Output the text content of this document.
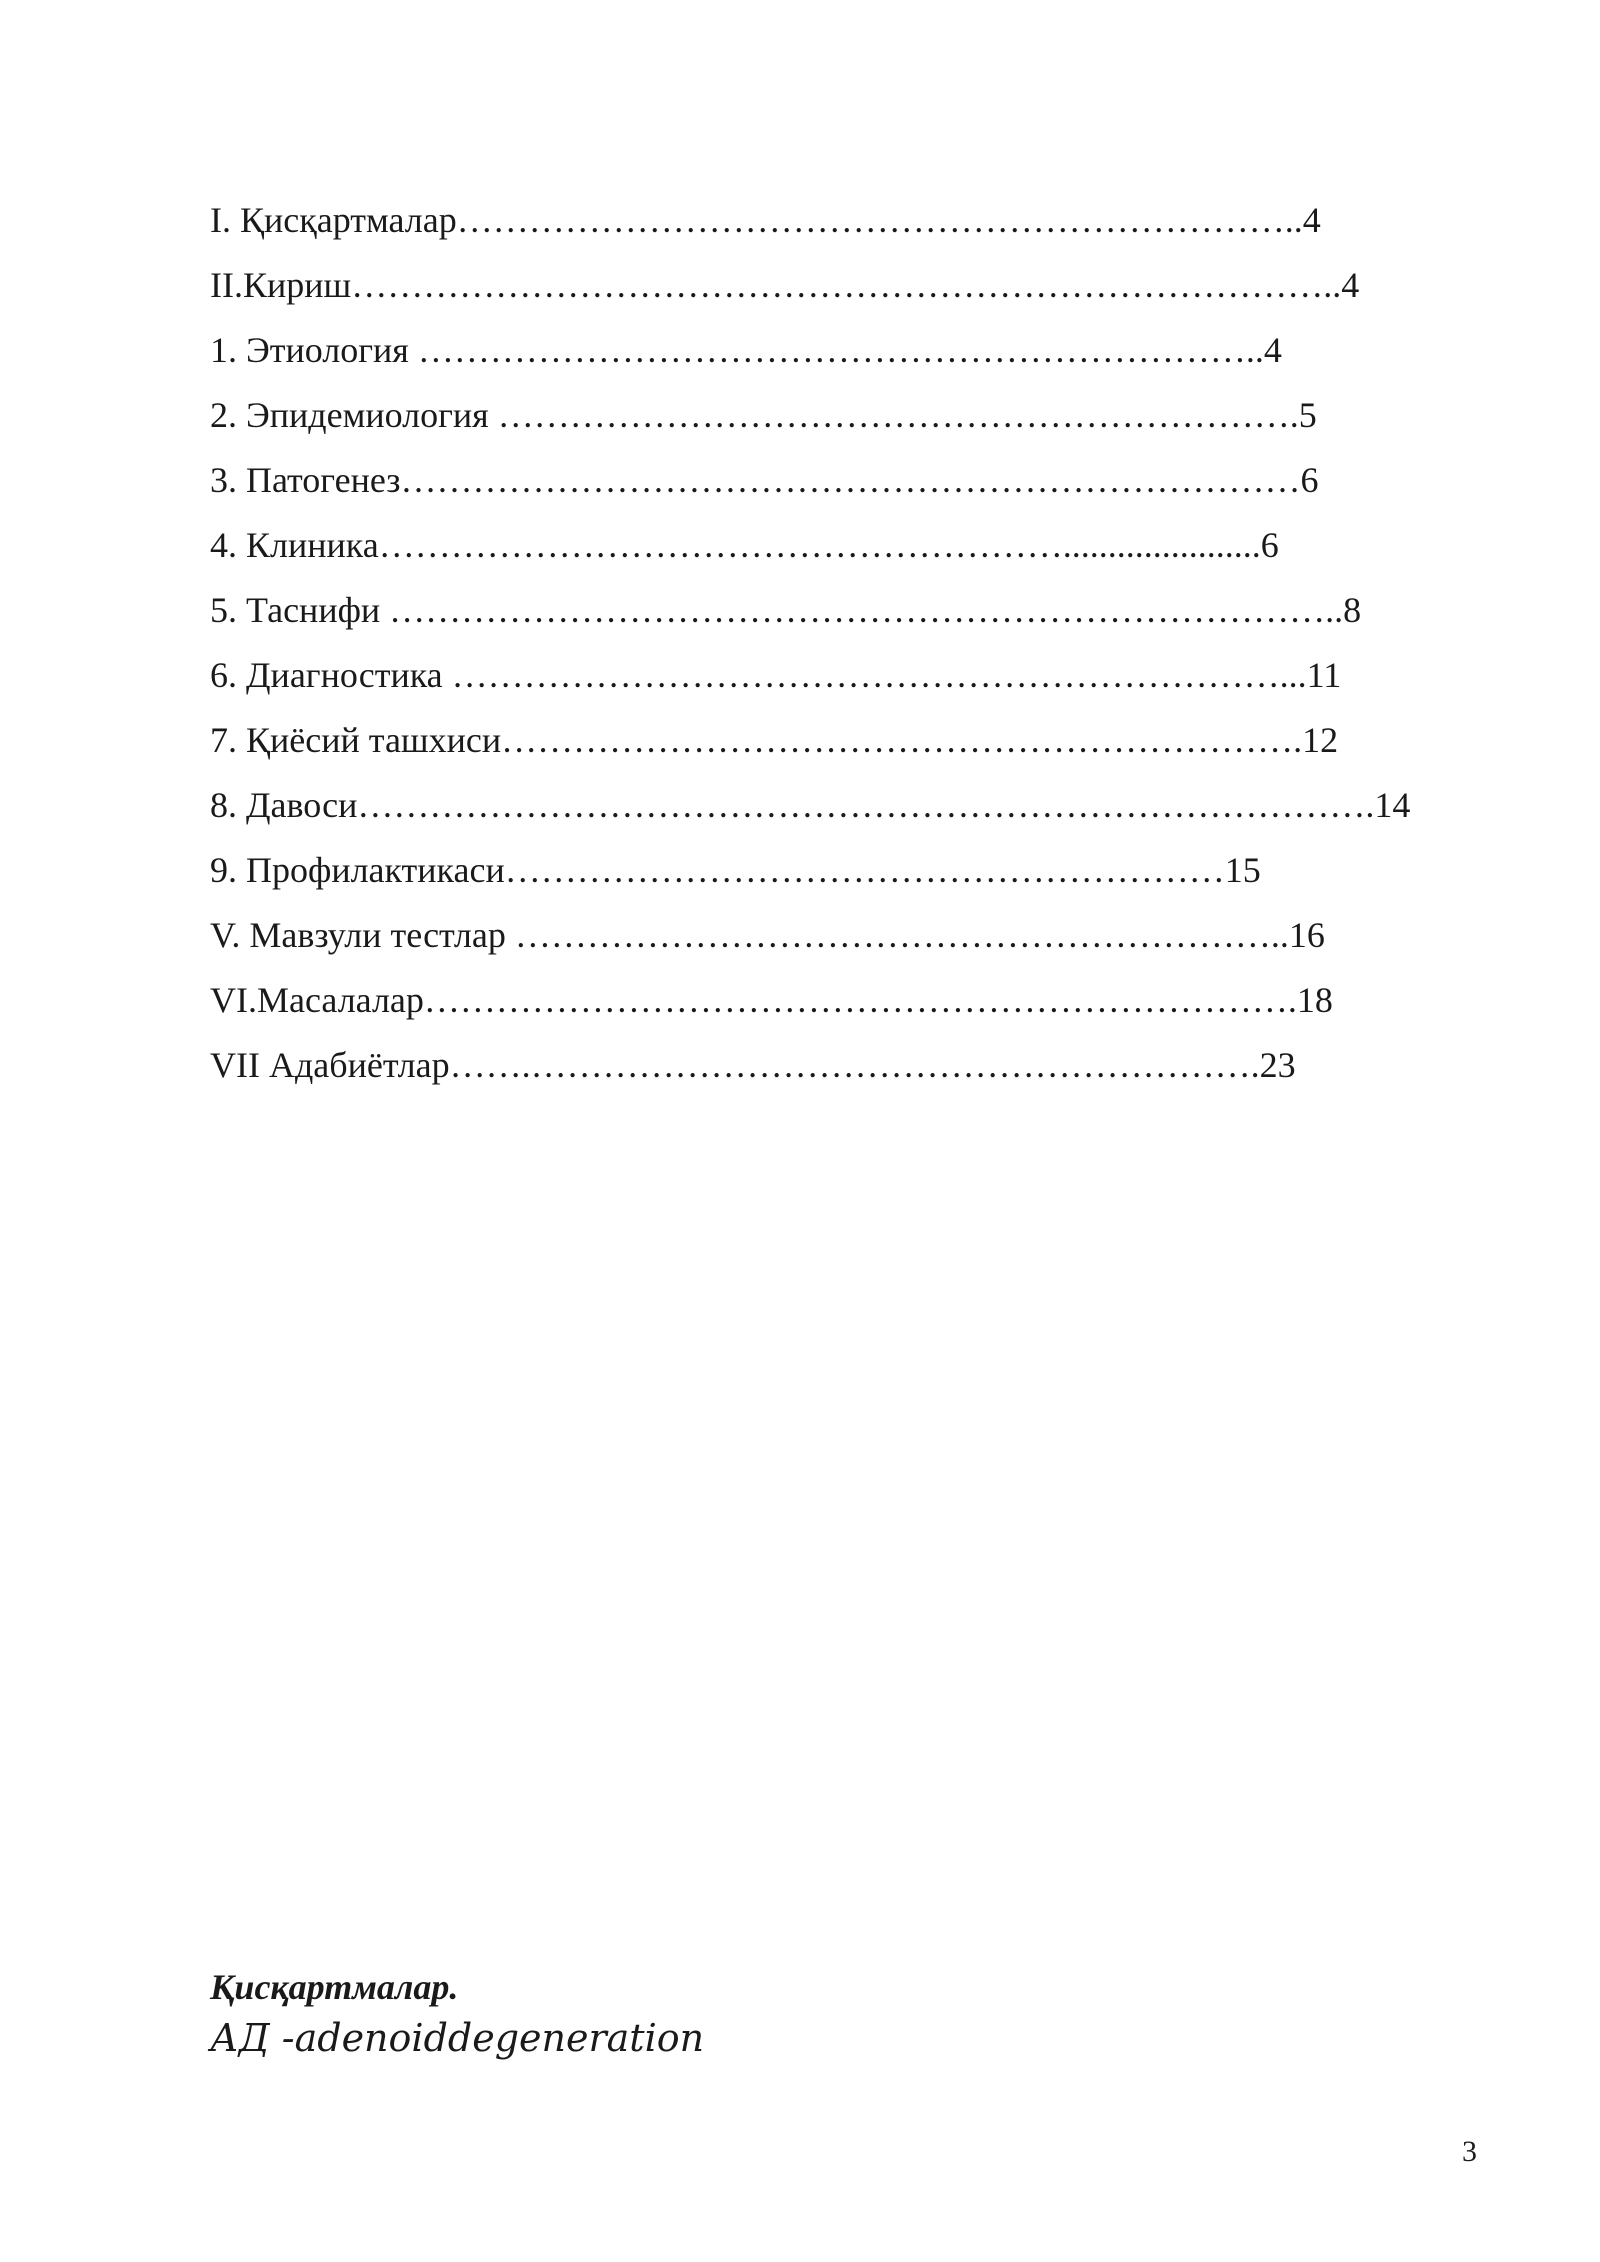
I. Қисқартмалар……………………………………………………………..4
II.Кириш………………………………………………………………………..4
1. Этиология ……………………………………………………………..4
2. Эпидемиология ………………………………………………………….5
3. Патогенез…………………………………………………………………6
4. Клиника…………………………………………………......................6
5. Таснифи ……………………………………………………………………..8
6. Диагностика ……………………………………………………………...11
7. Қиёсий ташхиси………………………………………………………….12
8. Давоси………………………………………………………………………….14
9. Профилактикаси……………………………………………………15
V. Мавзули тестлар ………………………………………………………..16
VI.Масалалар……………………………………………………………….18
VII Адабиётлар…….…………………………………………………….23
Қисқартмалар.
АД -adenoiddegeneration
3
